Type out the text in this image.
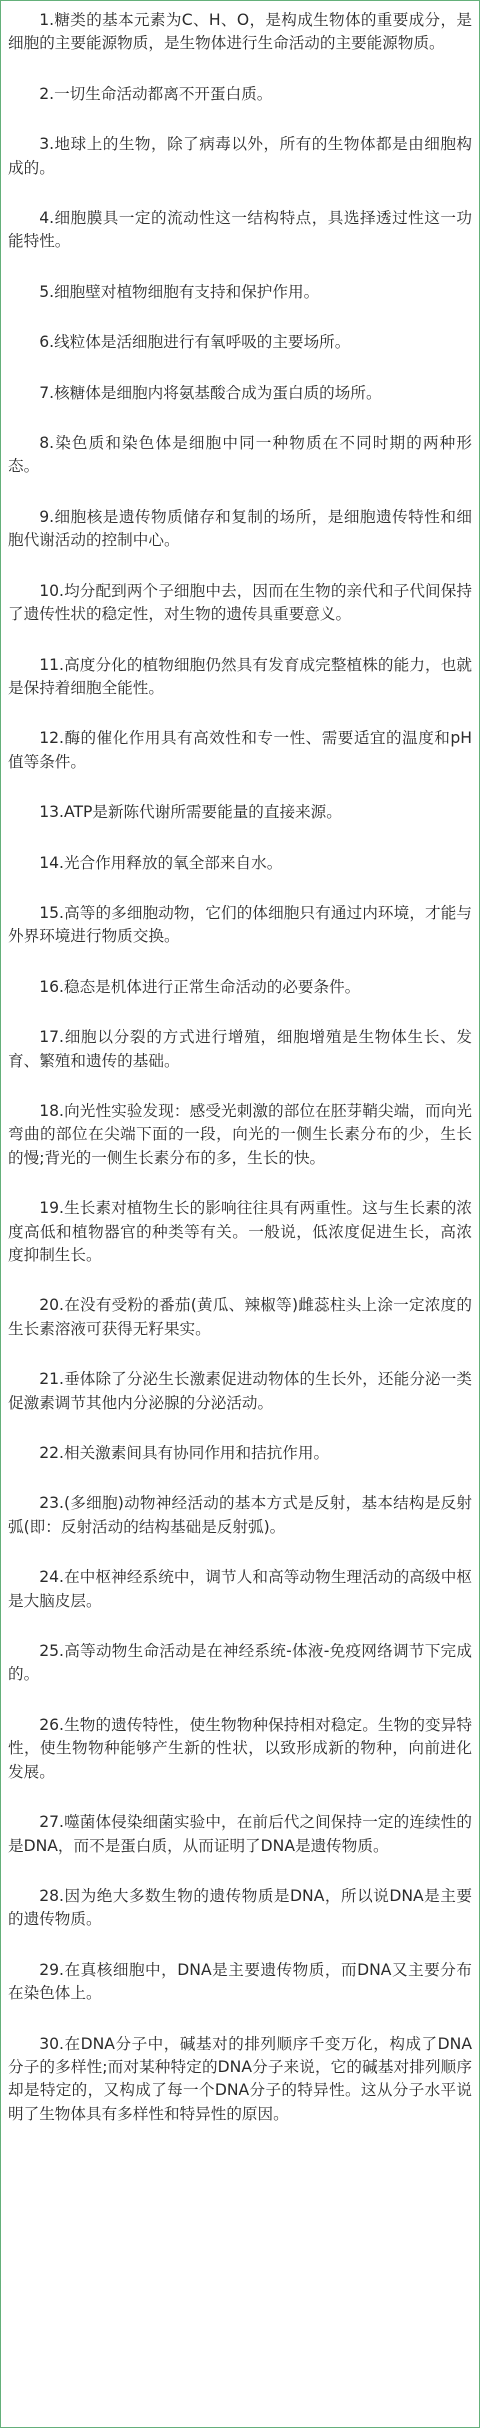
1.糖类的基本元素为C、H、O，是构成生物体的重要成分，是细胞的主要能源物质，是生物体进行生命活动的主要能源物质。

2.一切生命活动都离不开蛋白质。

3.地球上的生物，除了病毒以外，所有的生物体都是由细胞构成的。

4.细胞膜具一定的流动性这一结构特点，具选择透过性这一功能特性。

5.细胞壁对植物细胞有支持和保护作用。

6.线粒体是活细胞进行有氧呼吸的主要场所。

7.核糖体是细胞内将氨基酸合成为蛋白质的场所。

8.染色质和染色体是细胞中同一种物质在不同时期的两种形态。

9.细胞核是遗传物质储存和复制的场所，是细胞遗传特性和细胞代谢活动的控制中心。

10.均分配到两个子细胞中去，因而在生物的亲代和子代间保持了遗传性状的稳定性，对生物的遗传具重要意义。

11.高度分化的植物细胞仍然具有发育成完整植株的能力，也就是保持着细胞全能性。

12.酶的催化作用具有高效性和专一性、需要适宜的温度和pH值等条件。

13.ATP是新陈代谢所需要能量的直接来源。

14.光合作用释放的氧全部来自水。

15.高等的多细胞动物，它们的体细胞只有通过内环境，才能与外界环境进行物质交换。

16.稳态是机体进行正常生命活动的必要条件。

17.细胞以分裂的方式进行增殖，细胞增殖是生物体生长、发育、繁殖和遗传的基础。

18.向光性实验发现：感受光刺激的部位在胚芽鞘尖端，而向光弯曲的部位在尖端下面的一段，向光的一侧生长素分布的少，生长的慢;背光的一侧生长素分布的多，生长的快。

19.生长素对植物生长的影响往往具有两重性。这与生长素的浓度高低和植物器官的种类等有关。一般说，低浓度促进生长，高浓度抑制生长。

20.在没有受粉的番茄(黄瓜、辣椒等)雌蕊柱头上涂一定浓度的生长素溶液可获得无籽果实。

21.垂体除了分泌生长激素促进动物体的生长外，还能分泌一类促激素调节其他内分泌腺的分泌活动。

22.相关激素间具有协同作用和拮抗作用。

23.(多细胞)动物神经活动的基本方式是反射，基本结构是反射弧(即：反射活动的结构基础是反射弧)。

24.在中枢神经系统中，调节人和高等动物生理活动的高级中枢是大脑皮层。

25.高等动物生命活动是在神经系统-体液-免疫网络调节下完成的。

26.生物的遗传特性，使生物物种保持相对稳定。生物的变异特性，使生物物种能够产生新的性状，以致形成新的物种，向前进化发展。

27.噬菌体侵染细菌实验中，在前后代之间保持一定的连续性的是DNA，而不是蛋白质，从而证明了DNA是遗传物质。

28.因为绝大多数生物的遗传物质是DNA，所以说DNA是主要的遗传物质。

29.在真核细胞中，DNA是主要遗传物质，而DNA又主要分布在染色体上。

30.在DNA分子中，碱基对的排列顺序千变万化，构成了DNA分子的多样性;而对某种特定的DNA分子来说，它的碱基对排列顺序却是特定的，又构成了每一个DNA分子的特异性。这从分子水平说明了生物体具有多样性和特异性的原因。
